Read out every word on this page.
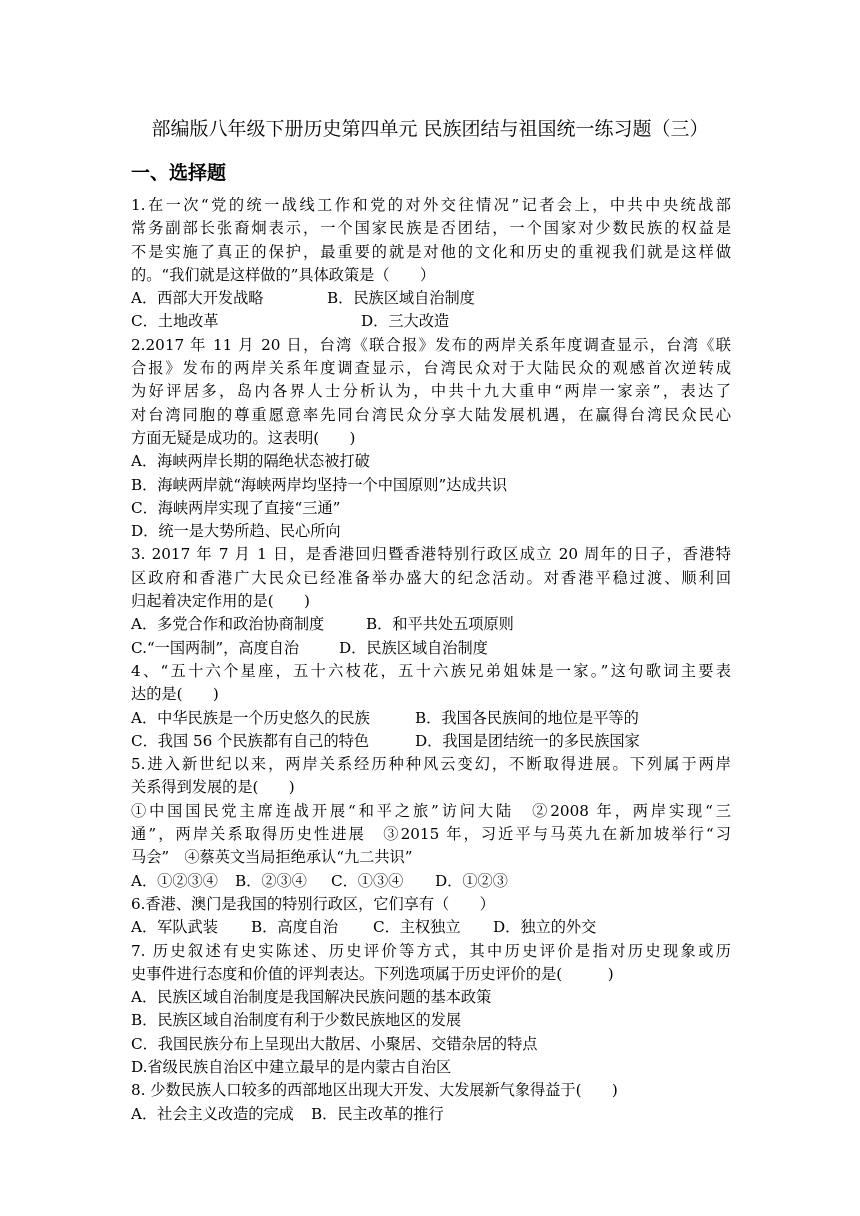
部编版八年级下册历史第四单元 民族团结与祖国统一练习题（三）
一、选择题
1.在一次“党的统一战线工作和党的对外交往情况”记者会上，中共中央统战部
常务副部长张裔炯表示，一个国家民族是否团结，一个国家对少数民族的权益是
不是实施了真正的保护，最重要的就是对他的文化和历史的重视我们就是这样做
的。“我们就是这样做的”具体政策是（　　）
A．西部大开发战略	B．民族区域自治制度
C．土地改革	D．三大改造
2.2017 年 11 月 20 日，台湾《联合报》发布的两岸关系年度调查显示，台湾《联
合报》发布的两岸关系年度调查显示，台湾民众对于大陆民众的观感首次逆转成
为好评居多，岛内各界人士分析认为，中共十九大重申“两岸一家亲”，表达了
对台湾同胞的尊重愿意率先同台湾民众分享大陆发展机遇，在赢得台湾民众民心
方面无疑是成功的。这表明(　　)
A．海峡两岸长期的隔绝状态被打破
B．海峡两岸就“海峡两岸均坚持一个中国原则”达成共识
C．海峡两岸实现了直接“三通”
D．统一是大势所趋、民心所向
3. 2017 年 7 月 1 日，是香港回归暨香港特别行政区成立 20 周年的日子，香港特
区政府和香港广大民众已经准备举办盛大的纪念活动。对香港平稳过渡、顺利回
归起着决定作用的是(　　)
A．多党合作和政治协商制度	B．和平共处五项原则
C.“一国两制”，高度自治	D．民族区域自治制度
4、“五十六个星座，五十六枝花，五十六族兄弟姐妹是一家。”这句歌词主要表
达的是(　　)
A．中华民族是一个历史悠久的民族	B．我国各民族间的地位是平等的
C．我国 56 个民族都有自己的特色	D．我国是团结统一的多民族国家
5.进入新世纪以来，两岸关系经历种种风云变幻，不断取得进展。下列属于两岸
关系得到发展的是(　　)
①中国国民党主席连战开展“和平之旅”访问大陆　②2008 年，两岸实现“三
通”，两岸关系取得历史性进展　③2015 年，习近平与马英九在新加坡举行“习
马会”　④蔡英文当局拒绝承认“九二共识”
A．①②③④ B．②③④ C．①③④ D．①②③
6.香港、澳门是我国的特别行政区，它们享有（　　）
A．军队武装 B．高度自治 C．主权独立 D．独立的外交
7. 历史叙述有史实陈述、历史评价等方式，其中历史评价是指对历史现象或历
史事件进行态度和价值的评判表达。下列选项属于历史评价的是(　　　)
A．民族区域自治制度是我国解决民族问题的基本政策
B．民族区域自治制度有利于少数民族地区的发展
C．我国民族分布上呈现出大散居、小聚居、交错杂居的特点
D.省级民族自治区中建立最早的是内蒙古自治区
8. 少数民族人口较多的西部地区出现大开发、大发展新气象得益于(　　)
A．社会主义改造的完成 B．民主改革的推行
